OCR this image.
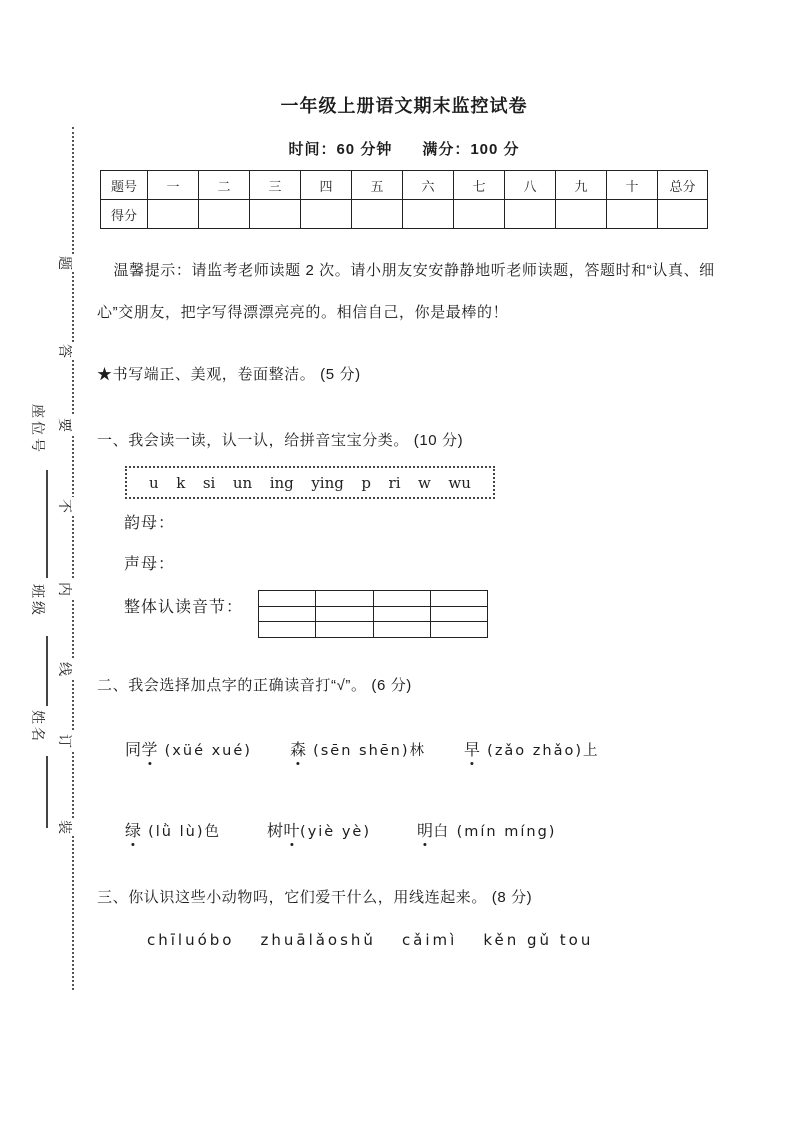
题
答
要
不
内
线
订
装
座位号
班级
姓名
一年级上册语文期末监控试卷
时间：60 分钟 满分：100 分
题号	一	二	三	四	五	六	七	八	九	十	总分
得分											
温馨提示：请监考老师读题 2 次。请小朋友安安静静地听老师读题，答题时和“认真、细心”交朋友，把字写得漂漂亮亮的。相信自己，你是最棒的！
★书写端正、美观，卷面整洁。 (5 分)
一、我会读一读，认一认，给拼音宝宝分类。 (10 分)
u k si un ing ying p ri w wu
韵母：
声母：
整体认读音节：

二、我会选择加点字的正确读音打“√”。 (6 分)
同学 (xüé xué) 森 (sēn shēn)林 早 (zǎo zhǎo)上
绿 (lǜ lù)色	树叶(yiè yè)	明白 (mín míng)
三、你认识这些小动物吗，它们爱干什么，用线连起来。 (8 分)
chīluóbo zhuālǎoshǔ cǎimì kěn gǔ tou
